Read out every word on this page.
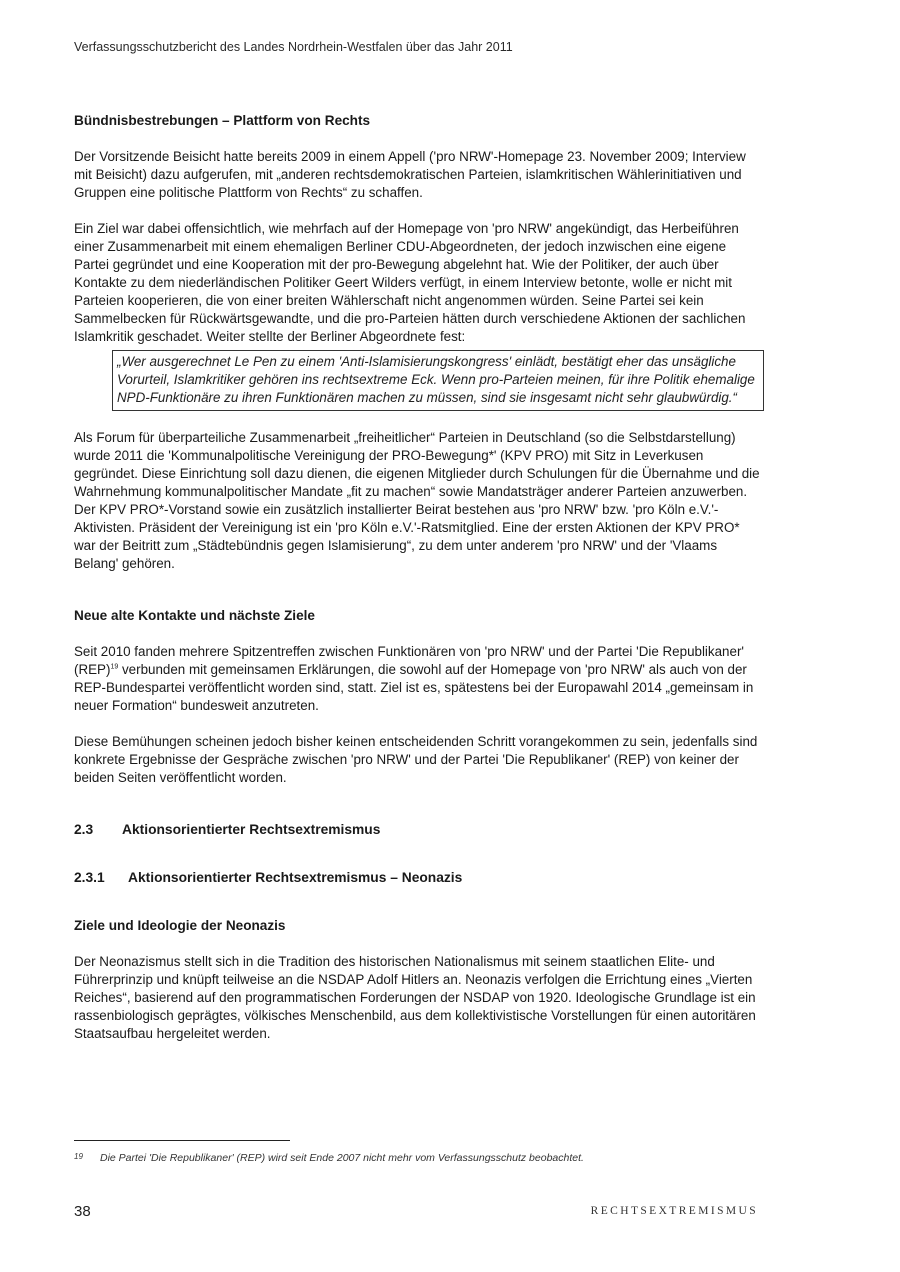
Verfassungsschutzbericht des Landes Nordrhein-Westfalen über das Jahr 2011
Bündnisbestrebungen – Plattform von Rechts

Der Vorsitzende Beisicht hatte bereits 2009 in einem Appell ('pro NRW'-Homepage 23. November 2009; Interview mit Beisicht) dazu aufgerufen, mit „anderen rechtsdemokratischen Parteien, islamkritischen Wählerinitiativen und Gruppen eine politische Plattform von Rechts“ zu schaffen.

Ein Ziel war dabei offensichtlich, wie mehrfach auf der Homepage von 'pro NRW' angekündigt, das Herbeiführen einer Zusammenarbeit mit einem ehemaligen Berliner CDU-Abgeordneten, der jedoch inzwischen eine eigene Partei gegründet und eine Kooperation mit der pro-Bewegung abgelehnt hat. Wie der Politiker, der auch über Kontakte zu dem niederländischen Politiker Geert Wilders verfügt, in einem Interview betonte, wolle er nicht mit Parteien kooperieren, die von einer breiten Wählerschaft nicht angenommen würden. Seine Partei sei kein Sammelbecken für Rückwärtsgewandte, und die pro-Parteien hätten durch verschiedene Aktionen der sachlichen Islamkritik geschadet. Weiter stellte der Berliner Abgeordnete fest:

„Wer ausgerechnet Le Pen zu einem 'Anti-Islamisierungskongress' einlädt, bestätigt eher das unsägliche Vorurteil, Islamkritiker gehören ins rechtsextreme Eck. Wenn pro-Parteien meinen, für ihre Politik ehemalige NPD-Funktionäre zu ihren Funktionären machen zu müssen, sind sie insgesamt nicht sehr glaubwürdig.“

Als Forum für überparteiliche Zusammenarbeit „freiheitlicher“ Parteien in Deutschland (so die Selbstdarstellung) wurde 2011 die 'Kommunalpolitische Vereinigung der PRO-Bewegung*' (KPV PRO) mit Sitz in Leverkusen gegründet. Diese Einrichtung soll dazu dienen, die eigenen Mitglieder durch Schulungen für die Übernahme und die Wahrnehmung kommunalpolitischer Mandate „fit zu machen“ sowie Mandatsträger anderer Parteien anzuwerben. Der KPV PRO*-Vorstand sowie ein zusätzlich installierter Beirat bestehen aus 'pro NRW' bzw. 'pro Köln e.V.'-Aktivisten. Präsident der Vereinigung ist ein 'pro Köln e.V.'-Ratsmitglied. Eine der ersten Aktionen der KPV PRO* war der Beitritt zum „Städtebündnis gegen Islamisierung“, zu dem unter anderem 'pro NRW' und der 'Vlaams Belang' gehören.

Neue alte Kontakte und nächste Ziele

Seit 2010 fanden mehrere Spitzentreffen zwischen Funktionären von 'pro NRW' und der Partei 'Die Republikaner' (REP)$^{19}$ verbunden mit gemeinsamen Erklärungen, die sowohl auf der Homepage von 'pro NRW' als auch von der REP-Bundespartei veröffentlicht worden sind, statt. Ziel ist es, spätestens bei der Europawahl 2014 „gemeinsam in neuer Formation“ bundesweit anzutreten.

Diese Bemühungen scheinen jedoch bisher keinen entscheidenden Schritt vorangekommen zu sein, jedenfalls sind konkrete Ergebnisse der Gespräche zwischen 'pro NRW' und der Partei 'Die Republikaner' (REP) von keiner der beiden Seiten veröffentlicht worden.

2.3	Aktionsorientierter Rechtsextremismus
2.3.1	Aktionsorientierter Rechtsextremismus – Neonazis
Ziele und Ideologie der Neonazis

Der Neonazismus stellt sich in die Tradition des historischen Nationalismus mit seinem staatlichen Elite- und Führerprinzip und knüpft teilweise an die NSDAP Adolf Hitlers an. Neonazis verfolgen die Errichtung eines „Vierten Reiches“, basierend auf den programmatischen Forderungen der NSDAP von 1920. Ideologische Grundlage ist ein rassenbiologisch geprägtes, völkisches Menschenbild, aus dem kollektivistische Vorstellungen für einen autoritären Staatsaufbau hergeleitet werden.

19	Die Partei 'Die Republikaner' (REP) wird seit Ende 2007 nicht mehr vom Verfassungsschutz beobachtet.
38	RECHTSEXTREMISMUS
